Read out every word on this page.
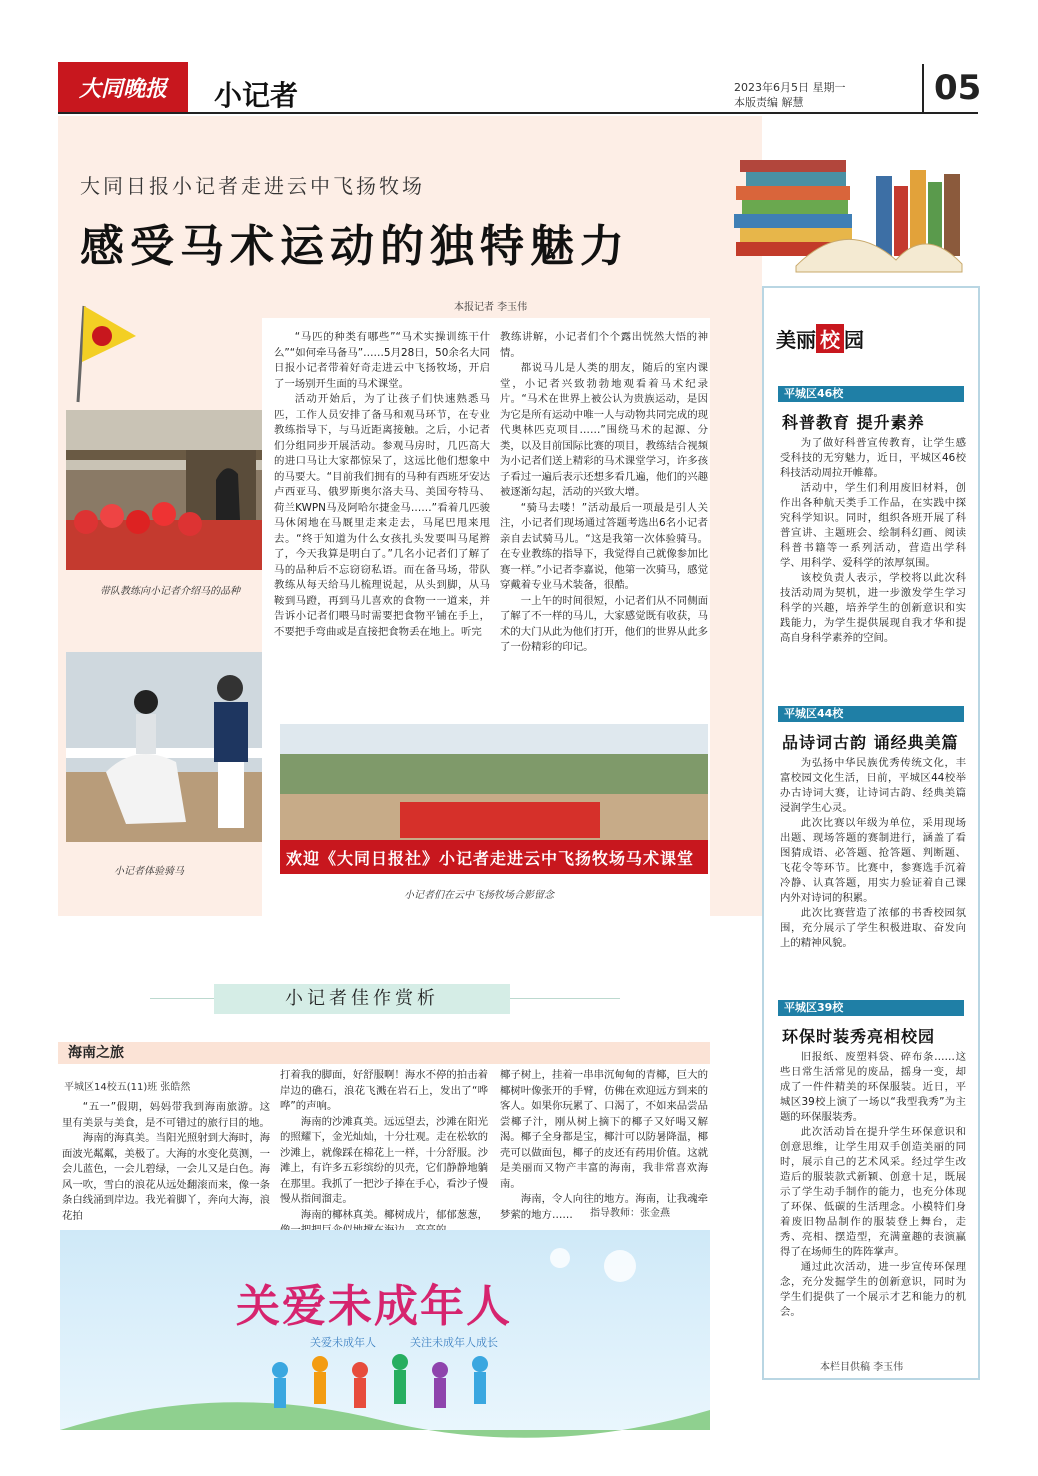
大同晚报 小记者	2023年6月5日 星期一
本版责编 解慧	05
大同日报小记者走进云中飞扬牧场
感受马术运动的独特魅力
本报记者 李玉伟
带队教练向小记者介绍马的品种
小记者体验骑马
欢迎《大同日报社》小记者走进云中飞扬牧场马术课堂
小记者们在云中飞扬牧场合影留念

“马匹的种类有哪些”“马术实操训练干什么”“如何牵马备马”……5月28日，50余名大同日报小记者带着好奇走进云中飞扬牧场，开启了一场别开生面的马术课堂。

活动开始后，为了让孩子们快速熟悉马匹，工作人员安排了备马和观马环节，在专业教练指导下，与马近距离接触。之后，小记者们分组同步开展活动。参观马房时，几匹高大的进口马让大家都惊呆了，这远比他们想象中的马要大。“目前我们拥有的马种有西班牙安达卢西亚马、俄罗斯奥尔洛夫马、美国夸特马、荷兰KWPN马及阿哈尔捷金马……”看着几匹骏马休闲地在马厩里走来走去，马尾巴甩来甩去。“终于知道为什么女孩扎头发要叫马尾辫了，今天我算是明白了。”几名小记者们了解了马的品种后不忘窃窃私语。而在备马场，带队教练从每天给马儿梳理说起，从头到脚，从马鞍到马蹬，再到马儿喜欢的食物一一道来，并告诉小记者们喂马时需要把食物平铺在手上，不要把手弯曲或是直接把食物丢在地上。听完

教练讲解，小记者们个个露出恍然大悟的神情。

都说马儿是人类的朋友，随后的室内课堂，小记者兴致勃勃地观看着马术纪录片。“马术在世界上被公认为贵族运动，是因为它是所有运动中唯一人与动物共同完成的现代奥林匹克项目……”围绕马术的起源、分类，以及目前国际比赛的项目，教练结合视频为小记者们送上精彩的马术课堂学习，许多孩子看过一遍后表示还想多看几遍，他们的兴趣被逐渐勾起，活动的兴致大增。

“骑马去喽！”活动最后一项最是引人关注，小记者们现场通过答题考选出6名小记者亲自去试骑马儿。“这是我第一次体验骑马。在专业教练的指导下，我觉得自己就像参加比赛一样。”小记者李嘉说，他第一次骑马，感觉穿戴着专业马术装备，很酷。

一上午的时间很短，小记者们从不同侧面了解了不一样的马儿，大家感觉既有收获，马术的大门从此为他们打开，他们的世界从此多了一份精彩的印记。

美丽 校 园
平城区46校
科普教育 提升素养

为了做好科普宣传教育，让学生感受科技的无穷魅力，近日，平城区46校科技活动周拉开帷幕。

活动中，学生们利用废旧材料，创作出各种航天类手工作品，在实践中探究科学知识。同时，组织各班开展了科普宣讲、主题班会、绘制科幻画、阅读科普书籍等一系列活动，营造出学科学、用科学、爱科学的浓厚氛围。

该校负责人表示，学校将以此次科技活动周为契机，进一步激发学生学习科学的兴趣，培养学生的创新意识和实践能力，为学生提供展现自我才华和提高自身科学素养的空间。

平城区44校
品诗词古韵 诵经典美篇

为弘扬中华民族优秀传统文化，丰富校园文化生活，日前，平城区44校举办古诗词大赛，让诗词古韵、经典美篇浸润学生心灵。

此次比赛以年级为单位，采用现场出题、现场答题的赛制进行，涵盖了看图猜成语、必答题、抢答题、判断题、飞花令等环节。比赛中，参赛选手沉着冷静、认真答题，用实力验证着自己课内外对诗词的积累。

此次比赛营造了浓郁的书香校园氛围，充分展示了学生积极进取、奋发向上的精神风貌。

平城区39校
环保时装秀亮相校园

旧报纸、废塑料袋、碎布条……这些日常生活常见的废品，摇身一变，却成了一件件精美的环保服装。近日，平城区39校上演了一场以“我型我秀”为主题的环保服装秀。

此次活动旨在提升学生环保意识和创意思维，让学生用双手创造美丽的同时，展示自己的艺术风采。经过学生改造后的服装款式新颖、创意十足，既展示了学生动手制作的能力，也充分体现了环保、低碳的生活理念。小模特们身着废旧物品制作的服装登上舞台，走秀、亮相、摆造型，充满童趣的表演赢得了在场师生的阵阵掌声。

通过此次活动，进一步宣传环保理念，充分发掘学生的创新意识，同时为学生们提供了一个展示才艺和能力的机会。

本栏目供稿 李玉伟
小记者佳作赏析
海南之旅
平城区14校五(11)班 张皓然

“五一”假期，妈妈带我到海南旅游。这里有美景与美食，是不可错过的旅行目的地。

海南的海真美。当阳光照射到大海时，海面波光粼粼，美极了。大海的水变化莫测，一会儿蓝色，一会儿碧绿，一会儿又是白色。海风一吹，雪白的浪花从远处翻滚而来，像一条条白线涌到岸边。我光着脚丫，奔向大海，浪花拍

打着我的脚面，好舒服啊！海水不停的拍击着岸边的礁石，浪花飞溅在岩石上，发出了“哗哗”的声响。

海南的沙滩真美。远远望去，沙滩在阳光的照耀下，金光灿灿，十分壮观。走在松软的沙滩上，就像踩在棉花上一样，十分舒服。沙滩上，有许多五彩缤纷的贝壳，它们静静地躺在那里。我抓了一把沙子捧在手心，看沙子慢慢从指间溜走。

海南的椰林真美。椰树成片，郁郁葱葱，

椰子树上，挂着一串串沉甸甸的青椰，巨大的椰树叶像张开的手臂，仿佛在欢迎远方到来的客人。如果你玩累了、口渴了，不如来品尝品尝椰子汁，刚从树上摘下的椰子又好喝又解渴。椰子全身都是宝，椰汁可以防暑降温，椰壳可以做面包，椰子的皮还有药用价值。这就是美丽而又物产丰富的海南，我非常喜欢海南。

海南，令人向往的地方。海南，让我魂牵梦萦的地方……	指导教师：张金燕
关爱未成年人
关爱未成年人	关注未成年人成长
